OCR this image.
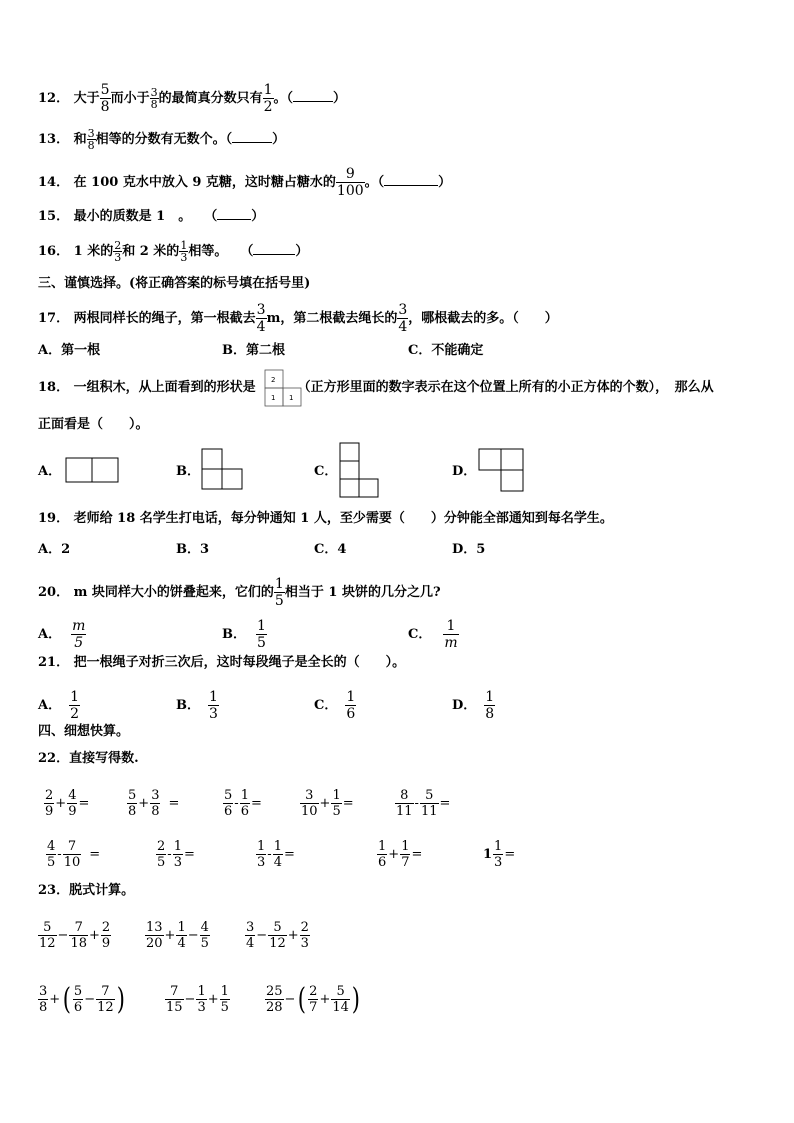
12． 大于 $\frac{5}{8}$ 而小于 $\frac{3}{8}$ 的最简真分数只有 $\frac{1}{2}$ 。（	）
13． 和 $\frac{3}{8}$ 相等的分数有无数个。（	）
14． 在 100 克水中放入 9 克糖，这时糖占糖水的 $\frac{9}{100}$ 。（	）
15． 最小的质数是 1　。　　（	）
16． 1 米的 $\frac{2}{3}$ 和 2 米的 $\frac{1}{3}$ 相等。　　（	）
三、谨慎选择。(将正确答案的标号填在括号里)
17． 两根同样长的绳子，第一根截去 $\frac{3}{4}$ m，第二根截去绳长的 $\frac{3}{4}$ ，哪根截去的多。（　　）
A．第一根	B．第二根	C．不能确定
18． 一组积木，从上面看到的形状是	（正方形里面的数字表示在这个位置上所有的小正方体的个数），　那么从
2
1 1
正面看是（　　）。
A．	B．	C．	D．
19． 老师给 18 名学生打电话，每分钟通知 1 人，至少需要（　　）分钟能全部通知到每名学生。
A．2	B．3	C．4	D．5
20． m 块同样大小的饼叠起来，它们的 $\frac{1}{5}$ 相当于 1 块饼的几分之几?
A． $\frac{m}{5}$	B． $\frac{1}{5}$	C． $\frac{1}{m}$
21． 把一根绳子对折三次后，这时每段绳子是全长的（　　）。
A． $\frac{1}{2}$	B． $\frac{1}{3}$	C． $\frac{1}{6}$	D． $\frac{1}{8}$
四、细想快算。
22．直接写得数.
$\frac{2}{9} + \frac{4}{9}$ =	$\frac{5}{8} + \frac{3}{8}$ =	$\frac{5}{6} - \frac{1}{6}$ =	$\frac{3}{10} + \frac{1}{5}$ =	$\frac{8}{11} - \frac{5}{11}$ =
$\frac{4}{5} - \frac{7}{10}$ =	$\frac{2}{5} - \frac{1}{3}$ =	$\frac{1}{3} - \frac{1}{4}$ =	$\frac{1}{6} + \frac{1}{7}$ =	$1 \frac{1}{3}$ =
23．脱式计算。
$\frac{5}{12} - \frac{7}{18} + \frac{2}{9}$	$\frac{13}{20} + \frac{1}{4} - \frac{4}{5}$	$\frac{3}{4} - \frac{5}{12} + \frac{2}{3}$
$\frac{3}{8}$ +( $\frac{5}{6} - \frac{7}{12}$ )	$\frac{7}{15} - \frac{1}{3} + \frac{1}{5}$	$\frac{25}{28}$ −( $\frac{2}{7} + \frac{5}{14}$ )
